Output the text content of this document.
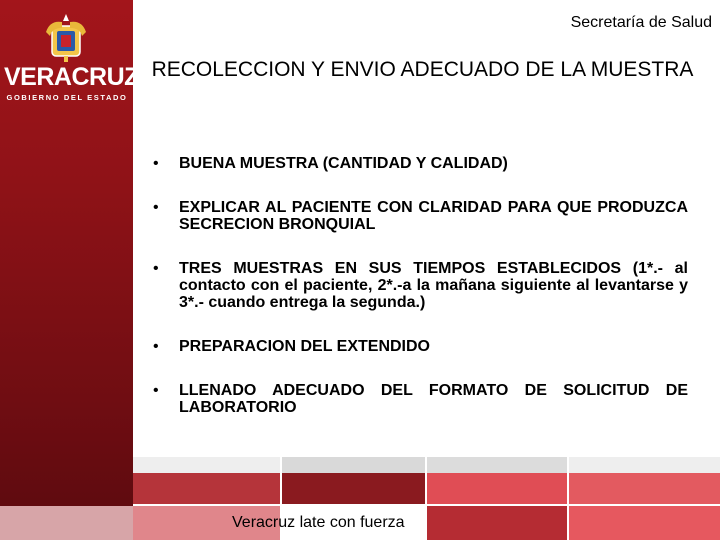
VERACRUZ
GOBIERNO DEL ESTADO
Secretaría de Salud
RECOLECCION Y ENVIO ADECUADO DE LA MUESTRA
• BUENA MUESTRA (CANTIDAD Y CALIDAD)
• EXPLICAR AL PACIENTE CON CLARIDAD PARA QUE PRODUZCA SECRECION BRONQUIAL
• TRES MUESTRAS EN SUS TIEMPOS ESTABLECIDOS (1*.- al contacto con el paciente, 2*.-a la mañana siguiente al levantarse y 3*.- cuando entrega la segunda.)
• PREPARACION DEL EXTENDIDO
• LLENADO ADECUADO DEL FORMATO DE SOLICITUD DE LABORATORIO
Veracruz late con fuerza
